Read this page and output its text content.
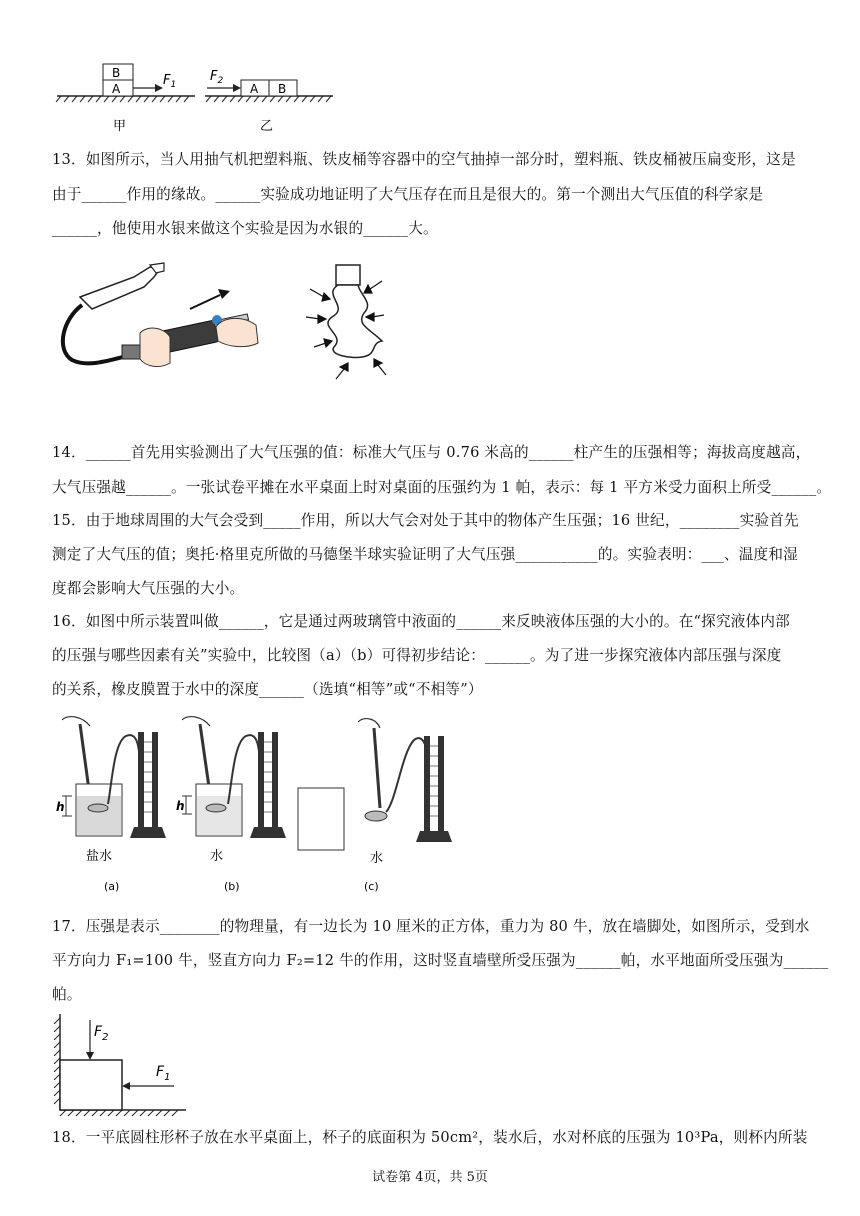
B
A
$F_1$
$F_2$
A B
甲	乙
13．如图所示，当人用抽气机把塑料瓶、铁皮桶等容器中的空气抽掉一部分时，塑料瓶、铁皮桶被压扁变形，这是
由于______作用的缘故。______实验成功地证明了大气压存在而且是很大的。第一个测出大气压值的科学家是
______，他使用水银来做这个实验是因为水银的______大。
14．______首先用实验测出了大气压强的值：标准大气压与 0.76 米高的______柱产生的压强相等；海拔高度越高，
大气压强越______。一张试卷平摊在水平桌面上时对桌面的压强约为 1 帕，表示：每 1 平方米受力面积上所受______。
15．由于地球周围的大气会受到_____作用，所以大气会对处于其中的物体产生压强；16 世纪，________实验首先
测定了大气压的值；奥托·格里克所做的马德堡半球实验证明了大气压强___________的。实验表明：___、温度和湿
度都会影响大气压强的大小。
16．如图中所示装置叫做______，它是通过两玻璃管中液面的______来反映液体压强的大小的。在“探究液体内部
的压强与哪些因素有关”实验中，比较图（a）（b）可得初步结论：______。为了进一步探究液体内部压强与深度
的关系，橡皮膜置于水中的深度______（选填“相等”或“不相等”）
h
盐水
(a)
h
水
(b)
水
(c)
17．压强是表示________的物理量，有一边长为 10 厘米的正方体，重力为 80 牛，放在墙脚处，如图所示，受到水
平方向力 F₁=100 牛，竖直方向力 F₂=12 牛的作用，这时竖直墙壁所受压强为______帕，水平地面所受压强为______
帕。
$F_2$
$F_1$
18．一平底圆柱形杯子放在水平桌面上，杯子的底面积为 50cm²，装水后，水对杯底的压强为 10³Pa，则杯内所装
试卷第 4页，共 5页
